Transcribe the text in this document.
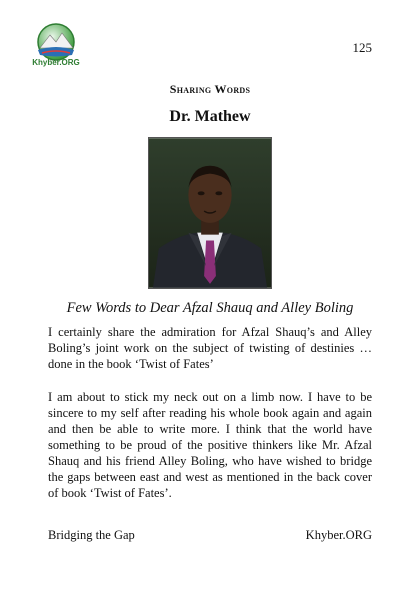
Khyber.ORG
125
Sharing Words
Dr. Mathew
Few Words to Dear Afzal Shauq and Alley Boling

I certainly share the admiration for Afzal Shauq’s and Alley Boling’s joint work on the subject of twisting of destinies … done in the book ‘Twist of Fates’

I am about to stick my neck out on a limb now. I have to be sincere to my self after reading his whole book again and again and then be able to write more. I think that the world have something to be proud of the positive thinkers like Mr. Afzal Shauq and his friend Alley Boling, who have wished to bridge the gaps between east and west as mentioned in the back cover of book ‘Twist of Fates’.

Bridging the Gap	Khyber.ORG
